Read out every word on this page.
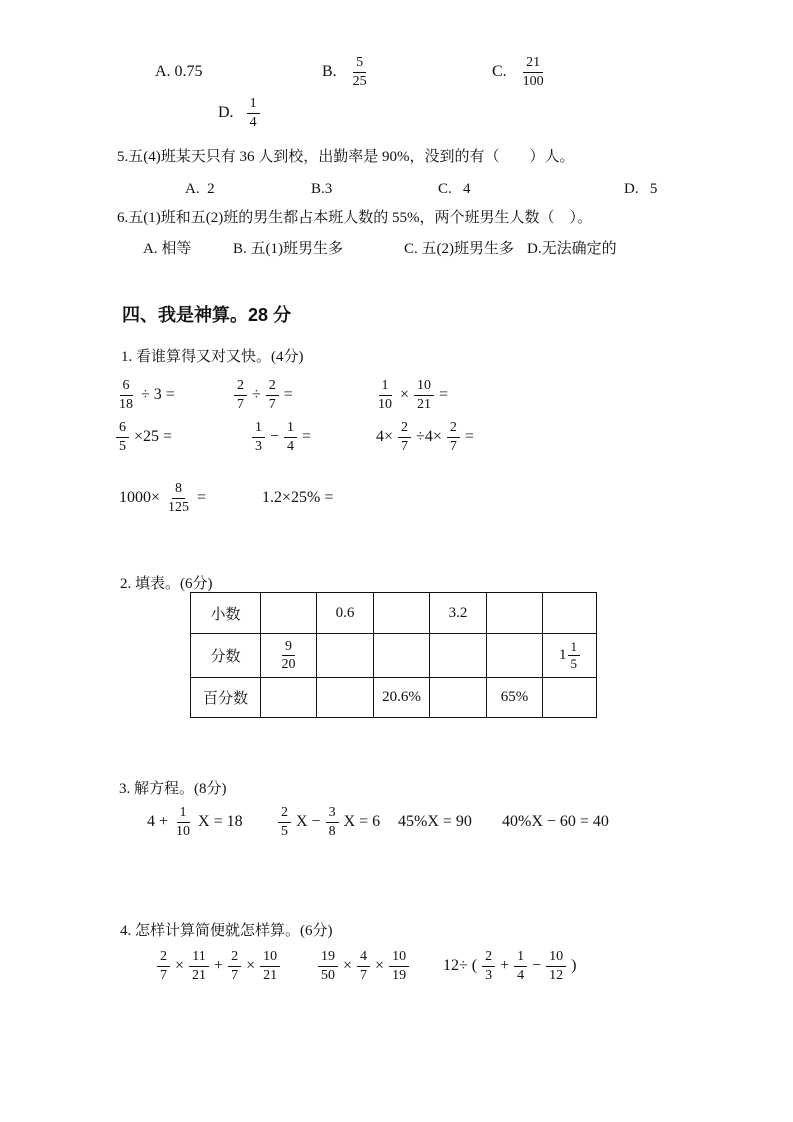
A. 0.75	B. $\frac{5}{25}$	C. $\frac{21}{100}$
D. $\frac{1}{4}$
5.五(4)班某天只有 36 人到校，出勤率是 90%，没到的有（　　）人。
A.  2	B.3	C.   4	D.   5
6.五(1)班和五(2)班的男生都占本班人数的 55%，两个班男生人数（　）。
A. 相等	B. 五(1)班男生多	C. 五(2)班男生多 D.无法确定的
四、我是神算。28 分
1. 看谁算得又对又快。(4分)
$\frac{6}{18} \div 3$ =	$\frac{2}{7} \div \frac{2}{7}$ =	$\frac{1}{10} \times \frac{10}{21}$ =
$\frac{6}{5} \times 25$ =	$\frac{1}{3} - \frac{1}{4}$ =	$4\times \frac{2}{7} \div 4\times \frac{2}{7}$ =
$1000\times \frac{8}{125}$ =	1.2×25% =
2. 填表。(6分)
小数		0.6		3.2		

分数	$\frac{9}{20}$					$1 \frac{1}{5}$

百分数			20.6%		65%	

3. 解方程。(8分)
$4 + \frac{1}{10}$ X = 18	$\frac{2}{5}$ $X - \frac{3}{8}$ X = 6 45%X = 90 40%X − 60 = 40
4. 怎样计算简便就怎样算。(6分)
$\frac{2}{7} \times \frac{11}{21} + \frac{2}{7} \times \frac{10}{21}$	$\frac{19}{50} \times \frac{4}{7} \times \frac{10}{19} 12\div$ ( $\frac{2}{3} + \frac{1}{4} - \frac{10}{12}$ )
